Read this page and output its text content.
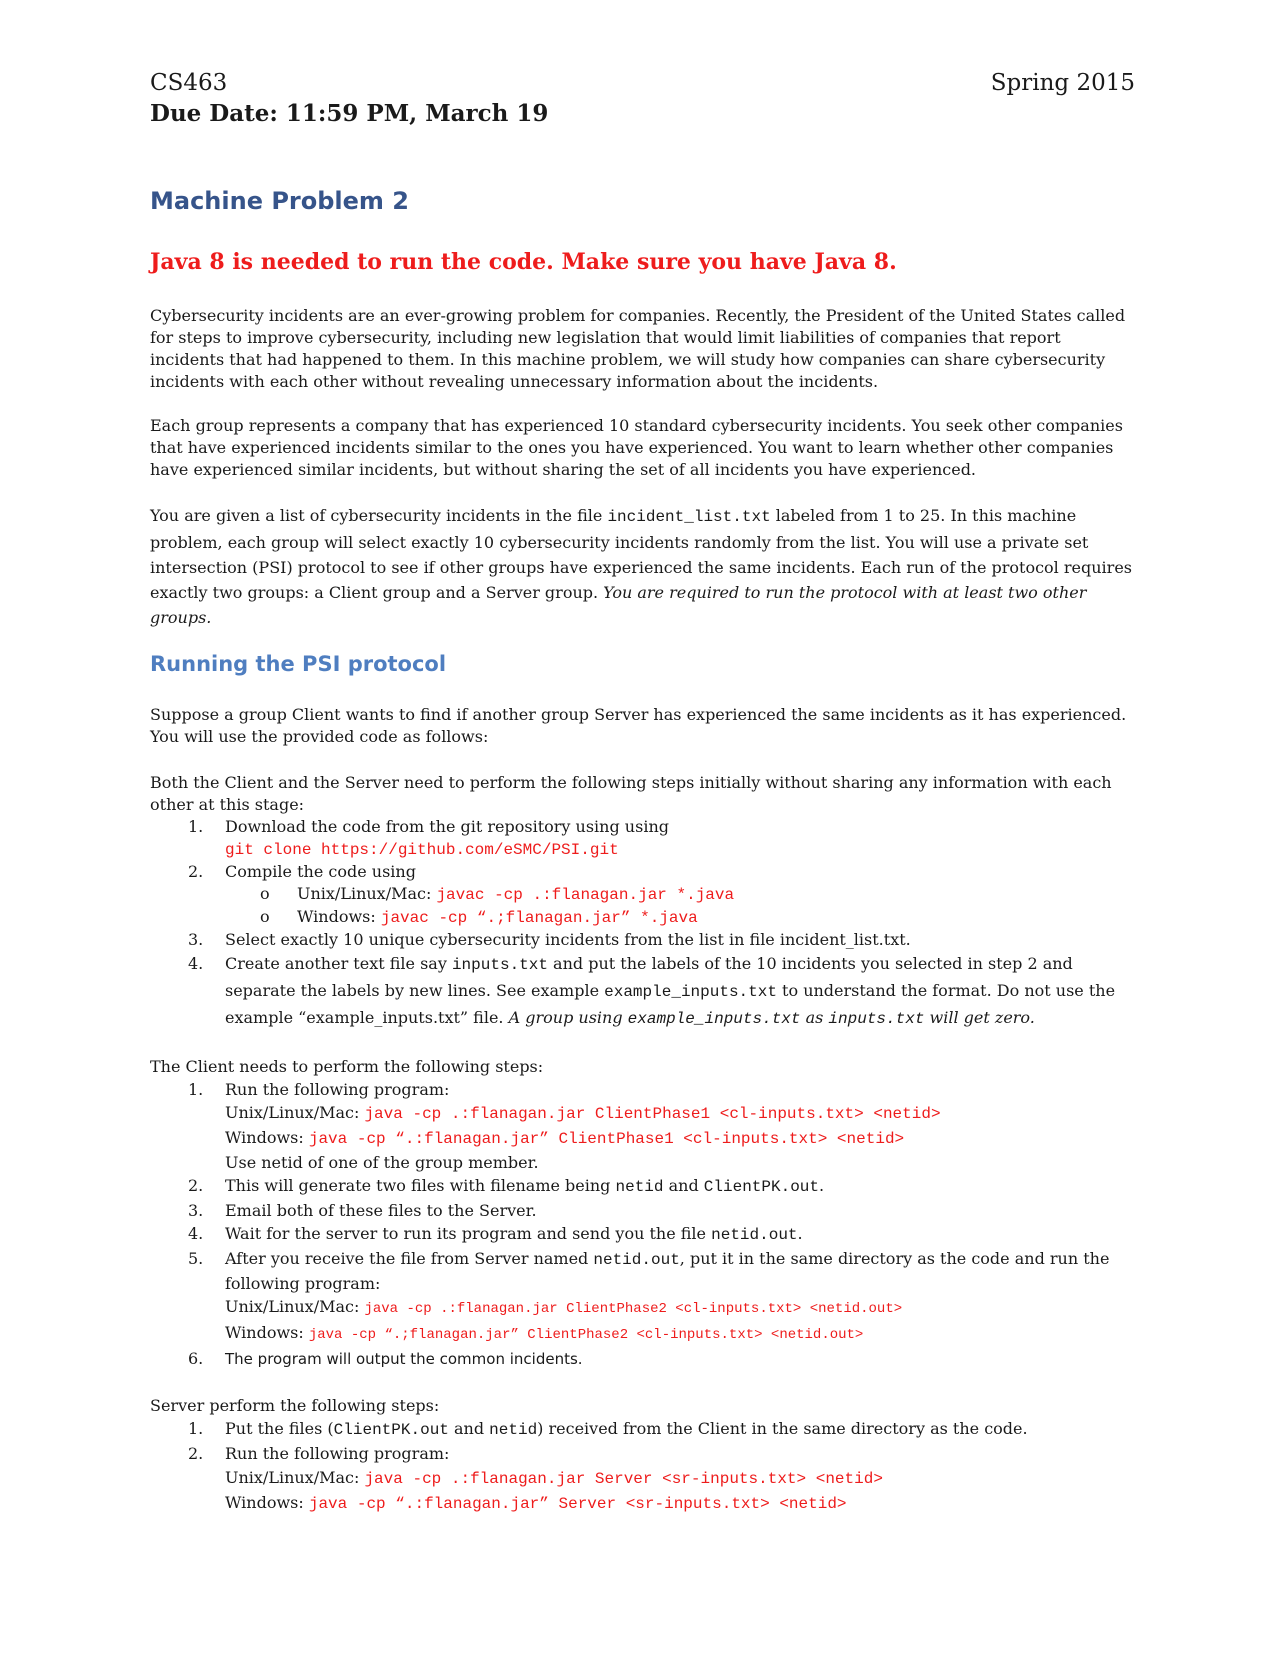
CS463	Spring 2015
Due Date: 11:59 PM, March 19
Machine Problem 2
Java 8 is needed to run the code. Make sure you have Java 8.

Cybersecurity incidents are an ever-growing problem for companies. Recently, the President of the United States called for steps to improve cybersecurity, including new legislation that would limit liabilities of companies that report incidents that had happened to them. In this machine problem, we will study how companies can share cybersecurity incidents with each other without revealing unnecessary information about the incidents.

Each group represents a company that has experienced 10 standard cybersecurity incidents. You seek other companies that have experienced incidents similar to the ones you have experienced. You want to learn whether other companies have experienced similar incidents, but without sharing the set of all incidents you have experienced.

You are given a list of cybersecurity incidents in the file incident_list.txt labeled from 1 to 25. In this machine problem, each group will select exactly 10 cybersecurity incidents randomly from the list. You will use a private set intersection (PSI) protocol to see if other groups have experienced the same incidents. Each run of the protocol requires exactly two groups: a Client group and a Server group. You are required to run the protocol with at least two other groups.

Running the PSI protocol

Suppose a group Client wants to find if another group Server has experienced the same incidents as it has experienced. You will use the provided code as follows:

Both the Client and the Server need to perform the following steps initially without sharing any information with each other at this stage:

1. Download the code from the git repository using using
git clone https://github.com/eSMC/PSI.git
2. Compile the code using
o Unix/Linux/Mac: javac -cp .:flanagan.jar *.java
o Windows: javac -cp “.;flanagan.jar” *.java
3. Select exactly 10 unique cybersecurity incidents from the list in file incident_list.txt.
4. Create another text file say inputs.txt and put the labels of the 10 incidents you selected in step 2 and separate the labels by new lines. See example example_inputs.txt to understand the format. Do not use the example “example_inputs.txt” file. A group using example_inputs.txt as inputs.txt will get zero.

The Client needs to perform the following steps:

1. Run the following program:
Unix/Linux/Mac: java -cp .:flanagan.jar ClientPhase1 <cl-inputs.txt> <netid>
Windows: java -cp “.:flanagan.jar” ClientPhase1 <cl-inputs.txt> <netid>
Use netid of one of the group member.
2. This will generate two files with filename being netid and ClientPK.out.
3. Email both of these files to the Server.
4. Wait for the server to run its program and send you the file netid.out.
5. After you receive the file from Server named netid.out, put it in the same directory as the code and run the following program:
Unix/Linux/Mac: java -cp .:flanagan.jar ClientPhase2 <cl-inputs.txt> <netid.out>
Windows: java -cp “.;flanagan.jar” ClientPhase2 <cl-inputs.txt> <netid.out>
6. The program will output the common incidents.

Server perform the following steps:

1. Put the files (ClientPK.out and netid) received from the Client in the same directory as the code.
2. Run the following program:
Unix/Linux/Mac: java -cp .:flanagan.jar Server <sr-inputs.txt> <netid>
Windows: java -cp “.:flanagan.jar” Server <sr-inputs.txt> <netid>
